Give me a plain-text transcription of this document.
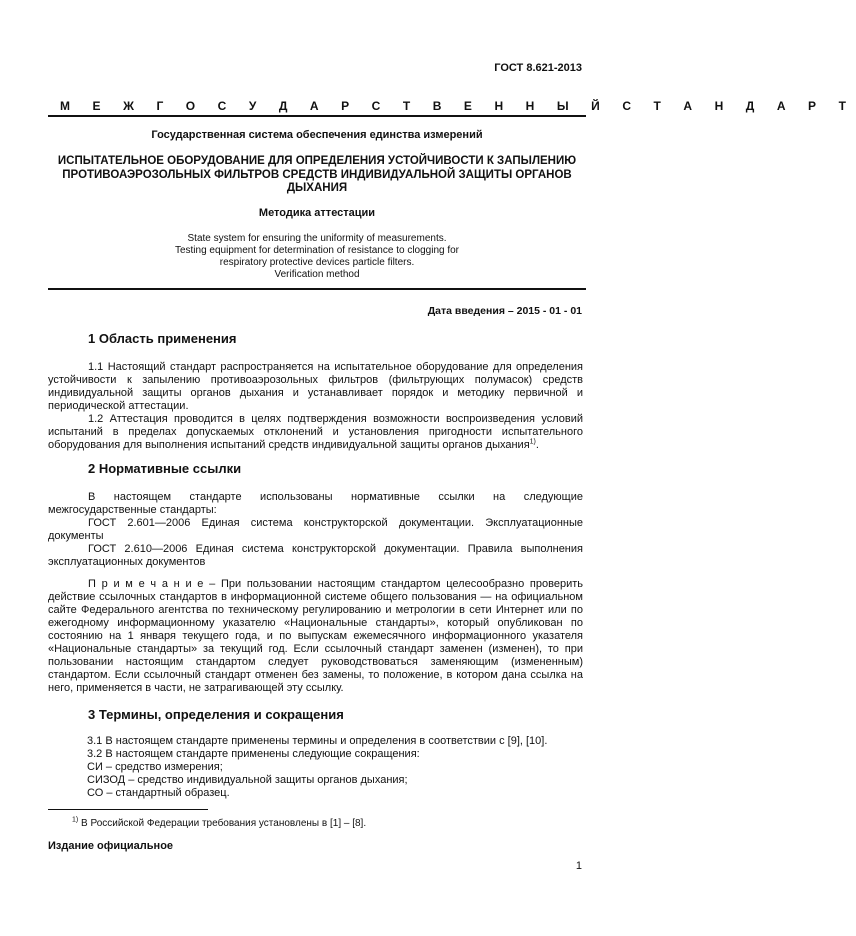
ГОСТ 8.621-2013
М Е Ж Г О С У Д А Р С Т В Е Н Н Ы Й С Т А Н Д А Р Т
Государственная система обеспечения единства измерений
ИСПЫТАТЕЛЬНОЕ ОБОРУДОВАНИЕ ДЛЯ ОПРЕДЕЛЕНИЯ УСТОЙЧИВОСТИ К ЗАПЫЛЕНИЮ
ПРОТИВОАЭРОЗОЛЬНЫХ ФИЛЬТРОВ СРЕДСТВ ИНДИВИДУАЛЬНОЙ ЗАЩИТЫ ОРГАНОВ
ДЫХАНИЯ
Методика аттестации
State system for ensuring the uniformity of measurements.
Testing equipment for determination of resistance to clogging for
respiratory protective devices particle filters.
Verification method
Дата введения – 2015 - 01 - 01
1 Область применения

1.1 Настоящий стандарт распространяется на испытательное оборудование для определения устойчивости к запылению противоаэрозольных фильтров (фильтрующих полумасок) средств индивидуальной защиты органов дыхания и устанавливает порядок и методику первичной и периодической аттестации.

1.2 Аттестация проводится в целях подтверждения возможности воспроизведения условий испытаний в пределах допускаемых отклонений и установления пригодности испытательного оборудования для выполнения испытаний средств индивидуальной защиты органов дыхания$^{1)}$.

2 Нормативные ссылки

В настоящем стандарте использованы нормативные ссылки на следующие межгосударственные стандарты:

ГОСТ 2.601—2006 Единая система конструкторской документации. Эксплуатационные документы

ГОСТ 2.610—2006 Единая система конструкторской документации. Правила выполнения эксплуатационных документов

П р и м е ч а н и е – При пользовании настоящим стандартом целесообразно проверить действие ссылочных стандартов в информационной системе общего пользования — на официальном сайте Федерального агентства по техническому регулированию и метрологии в сети Интернет или по ежегодному информационному указателю «Национальные стандарты», который опубликован по состоянию на 1 января текущего года, и по выпускам ежемесячного информационного указателя «Национальные стандарты» за текущий год. Если ссылочный стандарт заменен (изменен), то при пользовании настоящим стандартом следует руководствоваться заменяющим (измененным) стандартом. Если ссылочный стандарт отменен без замены, то положение, в котором дана ссылка на него, применяется в части, не затрагивающей эту ссылку.

3 Термины, определения и сокращения
3.1 В настоящем стандарте применены термины и определения в соответствии с [9], [10].
3.2 В настоящем стандарте применены следующие сокращения:
СИ – средство измерения;
СИЗОД – средство индивидуальной защиты органов дыхания;
СО – стандартный образец.
$^{1)}$ В Российской Федерации требования установлены в [1] – [8].
Издание официальное
1
